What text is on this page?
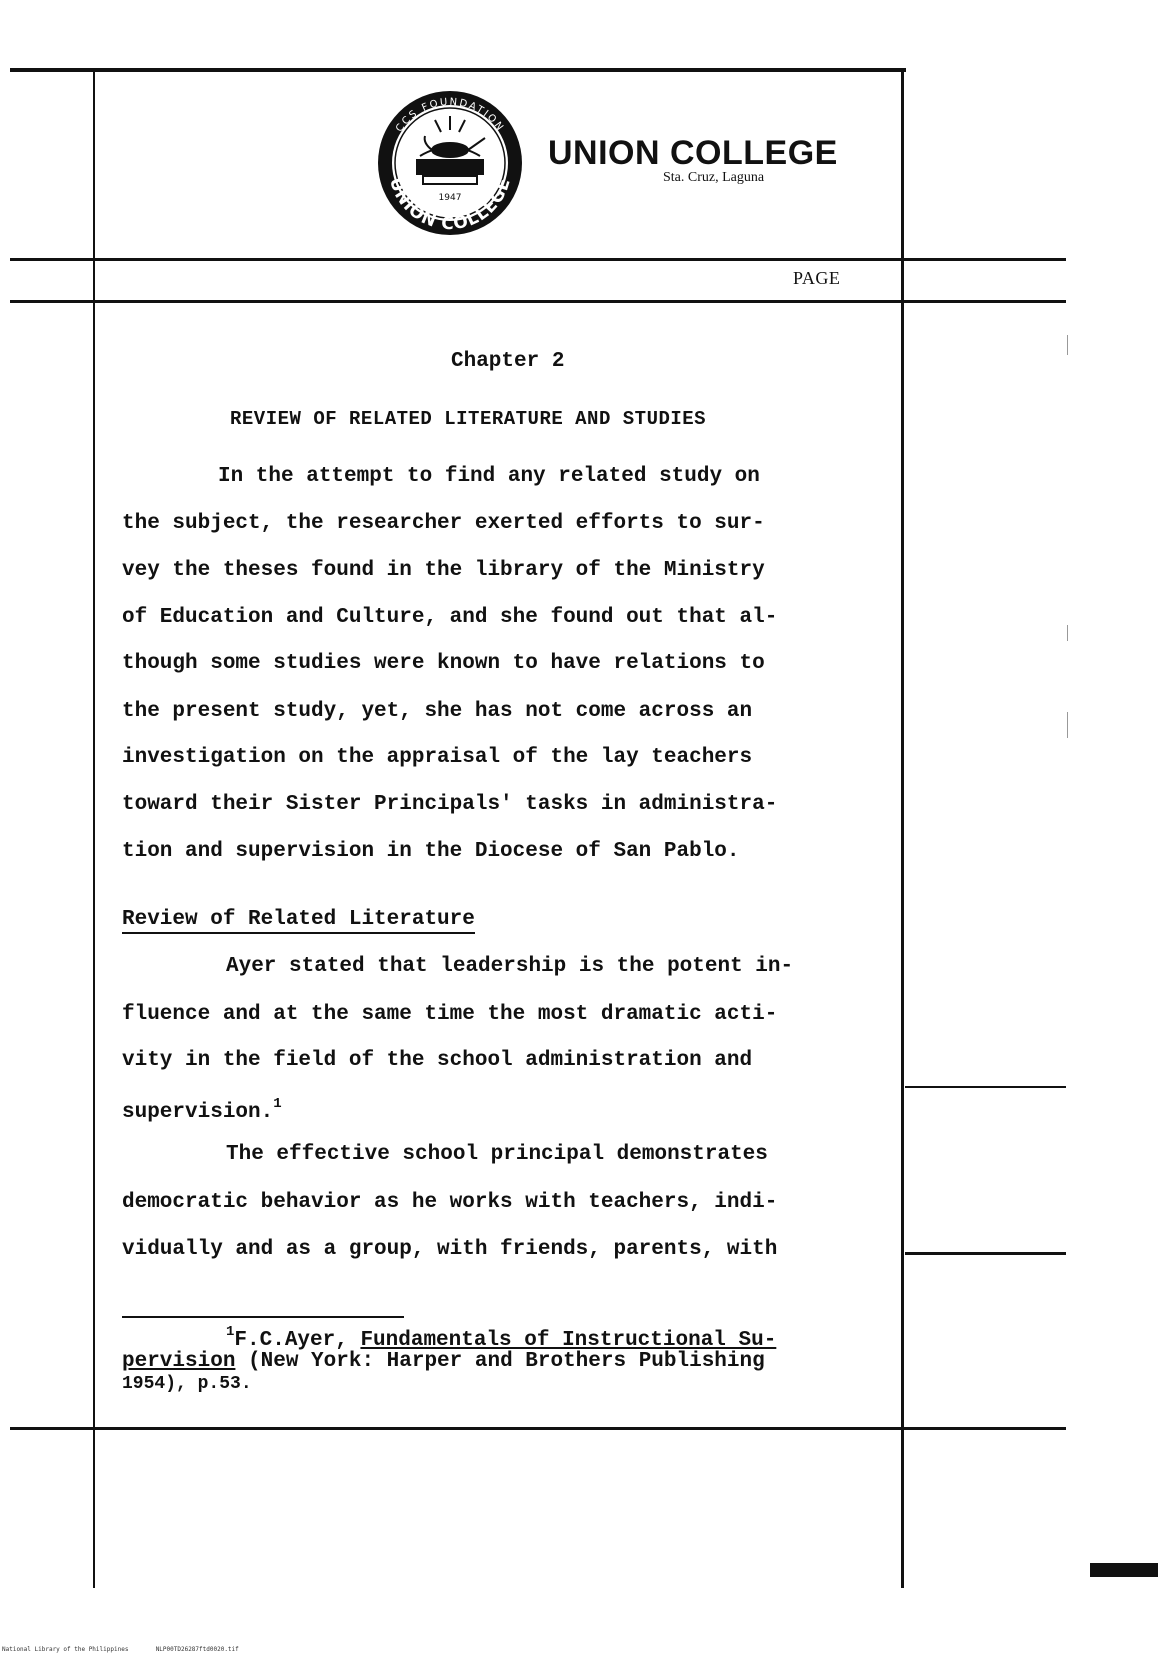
CCS FOUNDATION
UNION COLLEGE
1947
UNION COLLEGE
Sta. Cruz, Laguna
PAGE
Chapter 2
REVIEW OF RELATED LITERATURE AND STUDIES
In the attempt to find any related study on
the subject, the researcher exerted efforts to sur-
vey the theses found in the library of the Ministry
of Education and Culture, and she found out that al-
though some studies were known to have relations to
the present study, yet, she has not come across an
investigation on the appraisal of the lay teachers
toward their Sister Principals' tasks in administra-
tion and supervision in the Diocese of San Pablo.
Review of Related Literature
Ayer stated that leadership is the potent in-
fluence and at the same time the most dramatic acti-
vity in the field of the school administration and
supervision.$^1$
The effective school principal demonstrates
democratic behavior as he works with teachers, indi-
vidually and as a group, with friends, parents, with
$^1$F.C.Ayer, Fundamentals of Instructional Su-
pervision (New York: Harper and Brothers Publishing
1954), p.53.
National Library of the Philippines	NLP00TD26287ftd0020.tif
